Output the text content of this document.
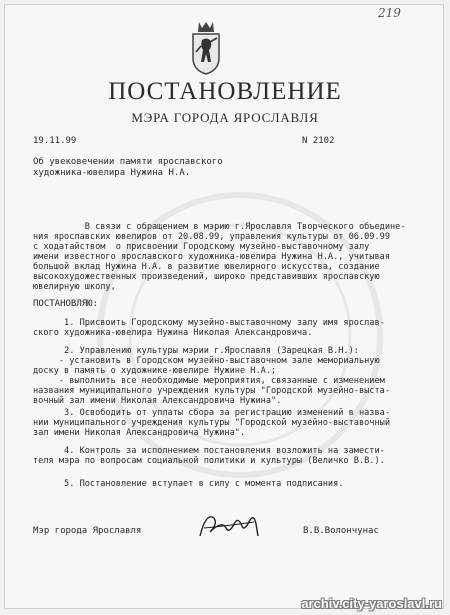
219
ПОСТАНОВЛЕНИЕ
МЭРА ГОРОДА ЯРОСЛАВЛЯ
19.11.99	N 2102
Об увековечении памяти ярославского
художника-ювелира Нужина Н.А.
В связи с обращением в мэрию г.Ярославля Творческого объедине-
ния ярославских ювелиров от 20.08.99, управления культуры от 06.09.99
с ходатайством  о присвоении Городскому музейно-выставочному залу
имени известного ярославского художника-ювелира Нужина Н.А., учитывая
большой вклад Нужина Н.А. в развитие ювелирного искусства, создание
высокохудожественных произведений, широко представивших ярославскую
ювелирную школу,
ПОСТАНОВЛЯЮ:
1. Присвоить Городскому музейно-выставочному залу имя ярослав-
ского художника-ювелира Нужина Николая Александровича.
2. Управлению культуры мэрии г.Ярославля (Зарецкая В.Н.):
- установить в Городском музейно-выставочном зале мемориальную
доску в память о художнике-ювелире Нужине Н.А.;
- выполнить все необходимые мероприятия, связанные с изменением
названия муниципального учреждения культуры "Городской музейно-выста-
вочный зал имени Николая Александровича Нужина".
3. Освободить от уплаты сбора за регистрацию изменений в назва-
нии муниципального учреждения культуры "Городской музейно-выставочный
зал имени Николая Александровича Нужина".
4. Контроль за исполнением постановления возложить на замести-
теля мэра по вопросам социальной политики и культуры (Величко В.В.).
5. Постановление вступает в силу с момента подписания.
Мэр города Ярославля	В.В.Волончунас
archiv.city-yaroslavl.ru
